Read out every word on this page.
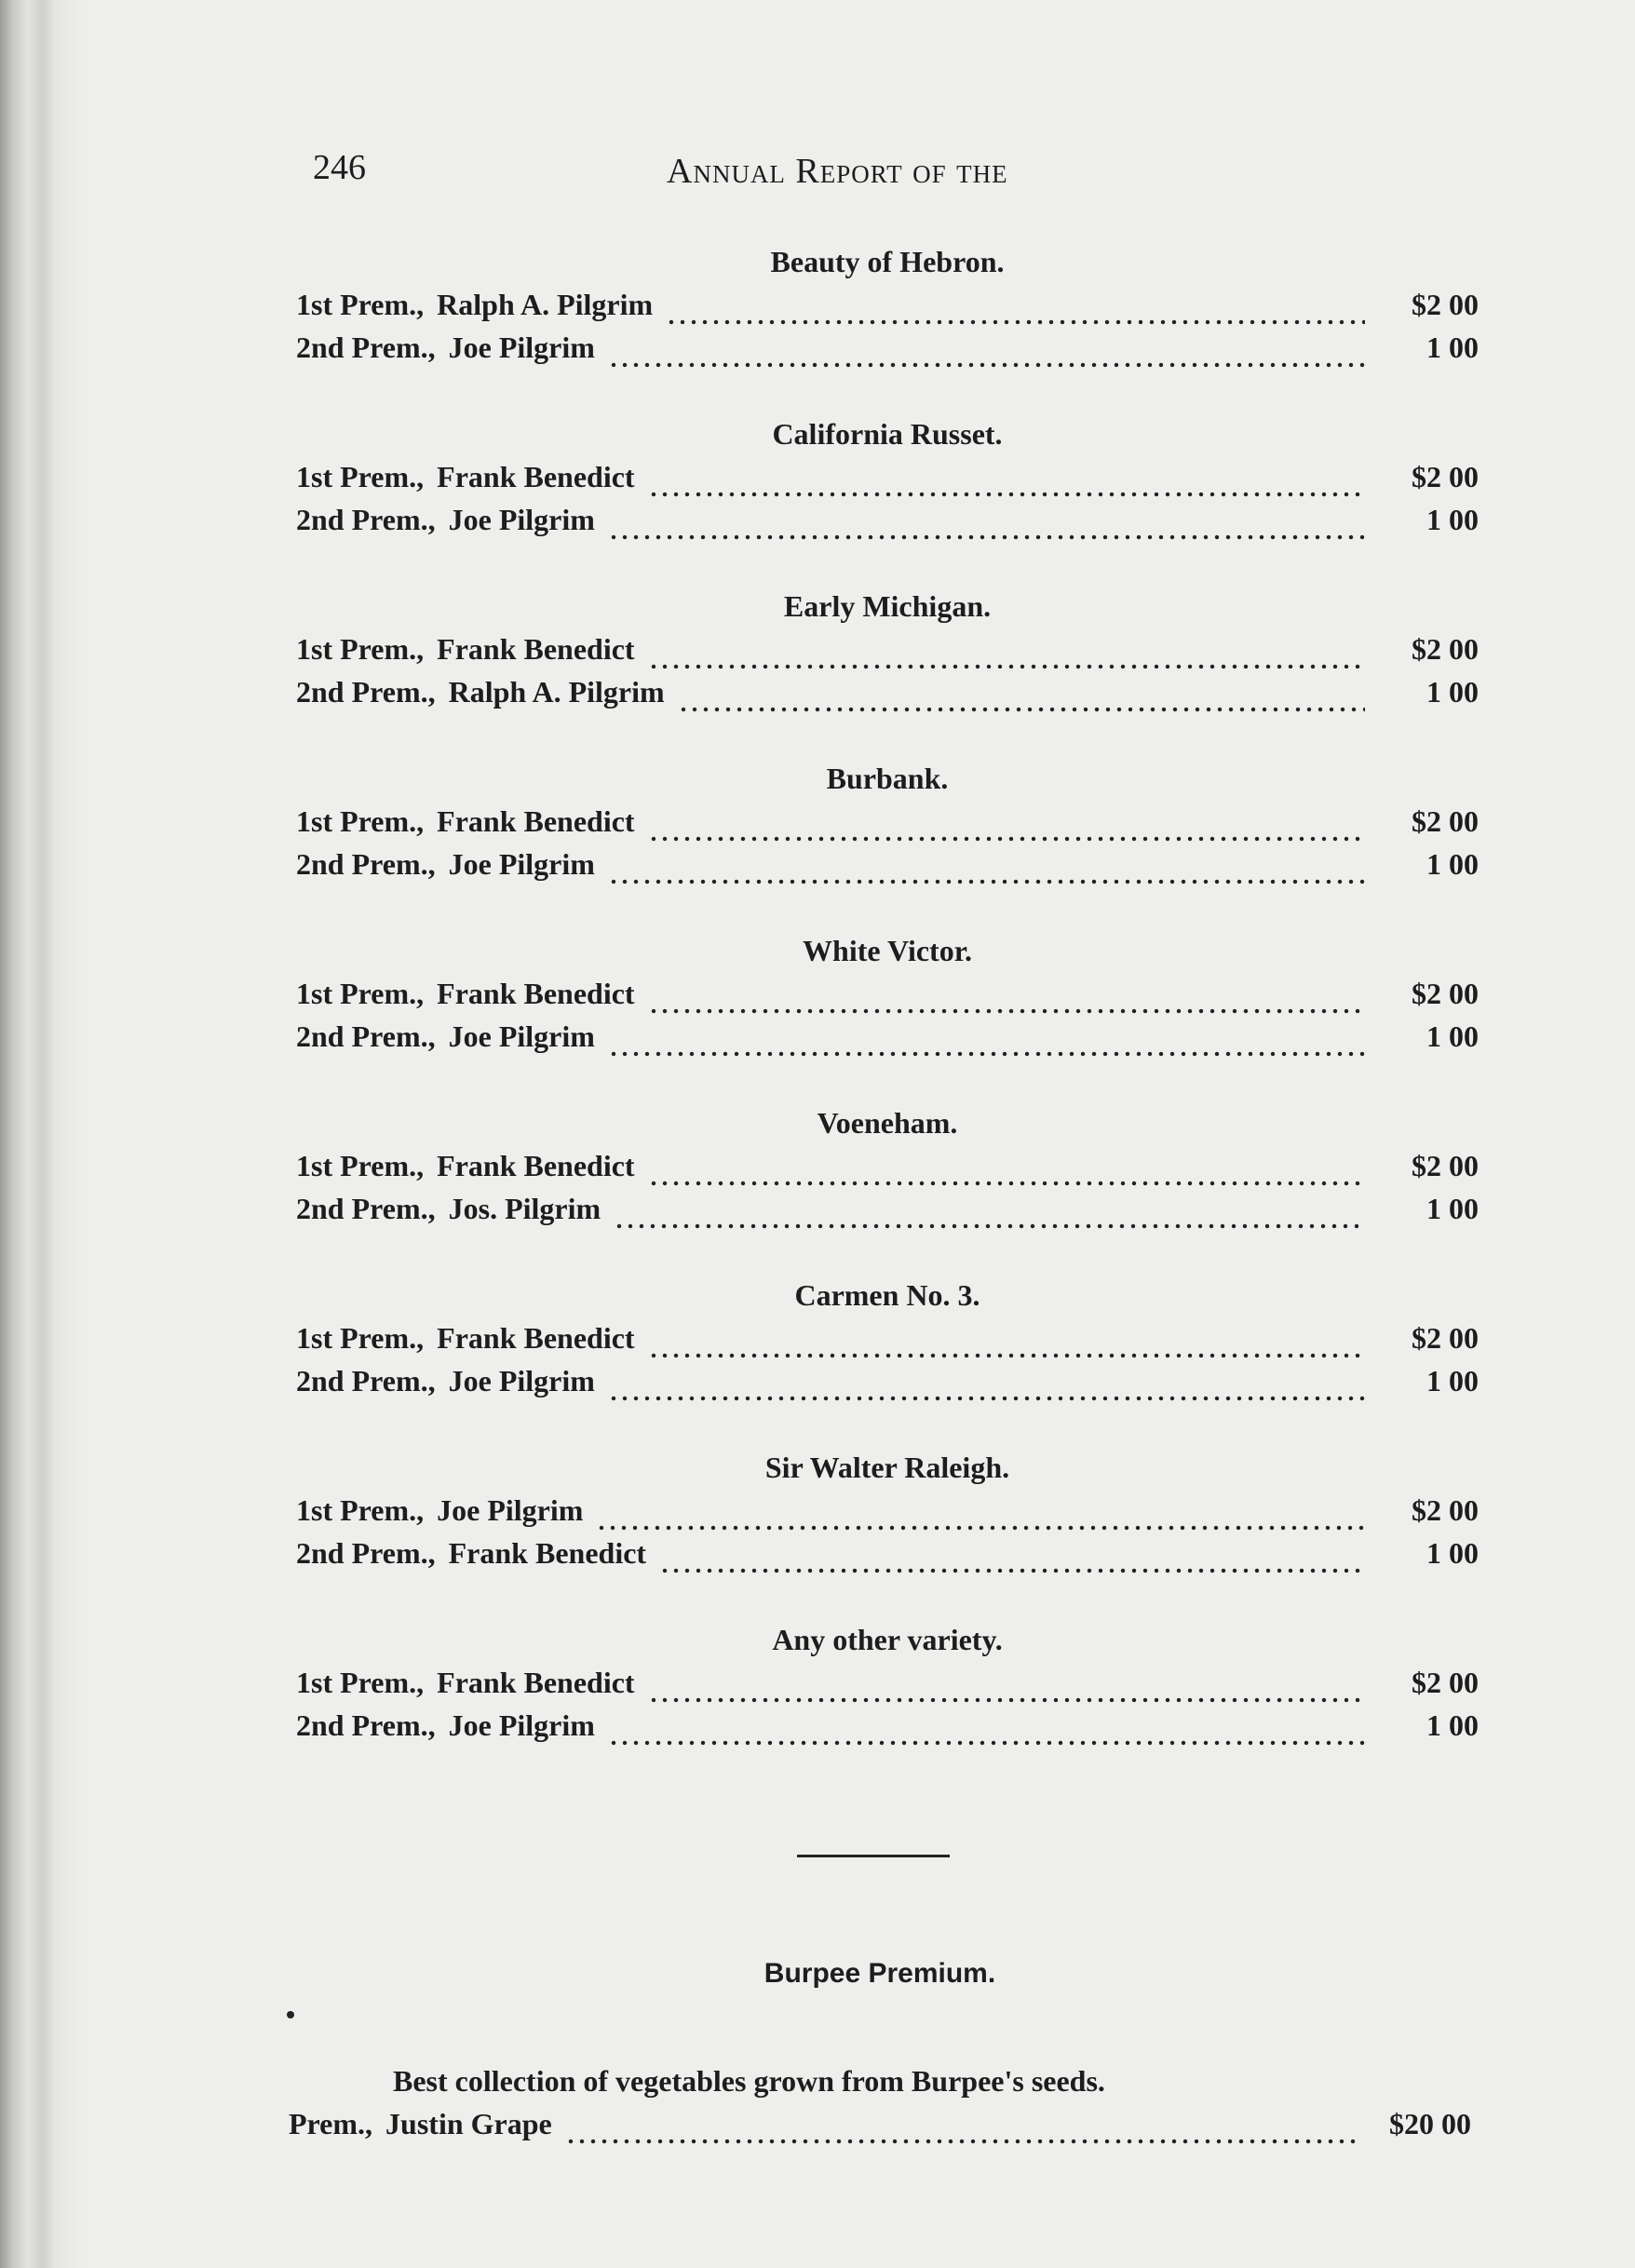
246	Annual Report of the
Beauty of Hebron.
1st Prem., Ralph A. Pilgrim	$2 00
2nd Prem., Joe Pilgrim	1 00
California Russet.
1st Prem., Frank Benedict	$2 00
2nd Prem., Joe Pilgrim	1 00
Early Michigan.
1st Prem., Frank Benedict	$2 00
2nd Prem., Ralph A. Pilgrim	1 00
Burbank.
1st Prem., Frank Benedict	$2 00
2nd Prem., Joe Pilgrim	1 00
White Victor.
1st Prem., Frank Benedict	$2 00
2nd Prem., Joe Pilgrim	1 00
Voeneham.
1st Prem., Frank Benedict	$2 00
2nd Prem., Jos. Pilgrim	1 00
Carmen No. 3.
1st Prem., Frank Benedict	$2 00
2nd Prem., Joe Pilgrim	1 00
Sir Walter Raleigh.
1st Prem., Joe Pilgrim	$2 00
2nd Prem., Frank Benedict	1 00
Any other variety.
1st Prem., Frank Benedict	$2 00
2nd Prem., Joe Pilgrim	1 00
Burpee Premium.
Best collection of vegetables grown from Burpee's seeds.
Prem., Justin Grape	$20 00
